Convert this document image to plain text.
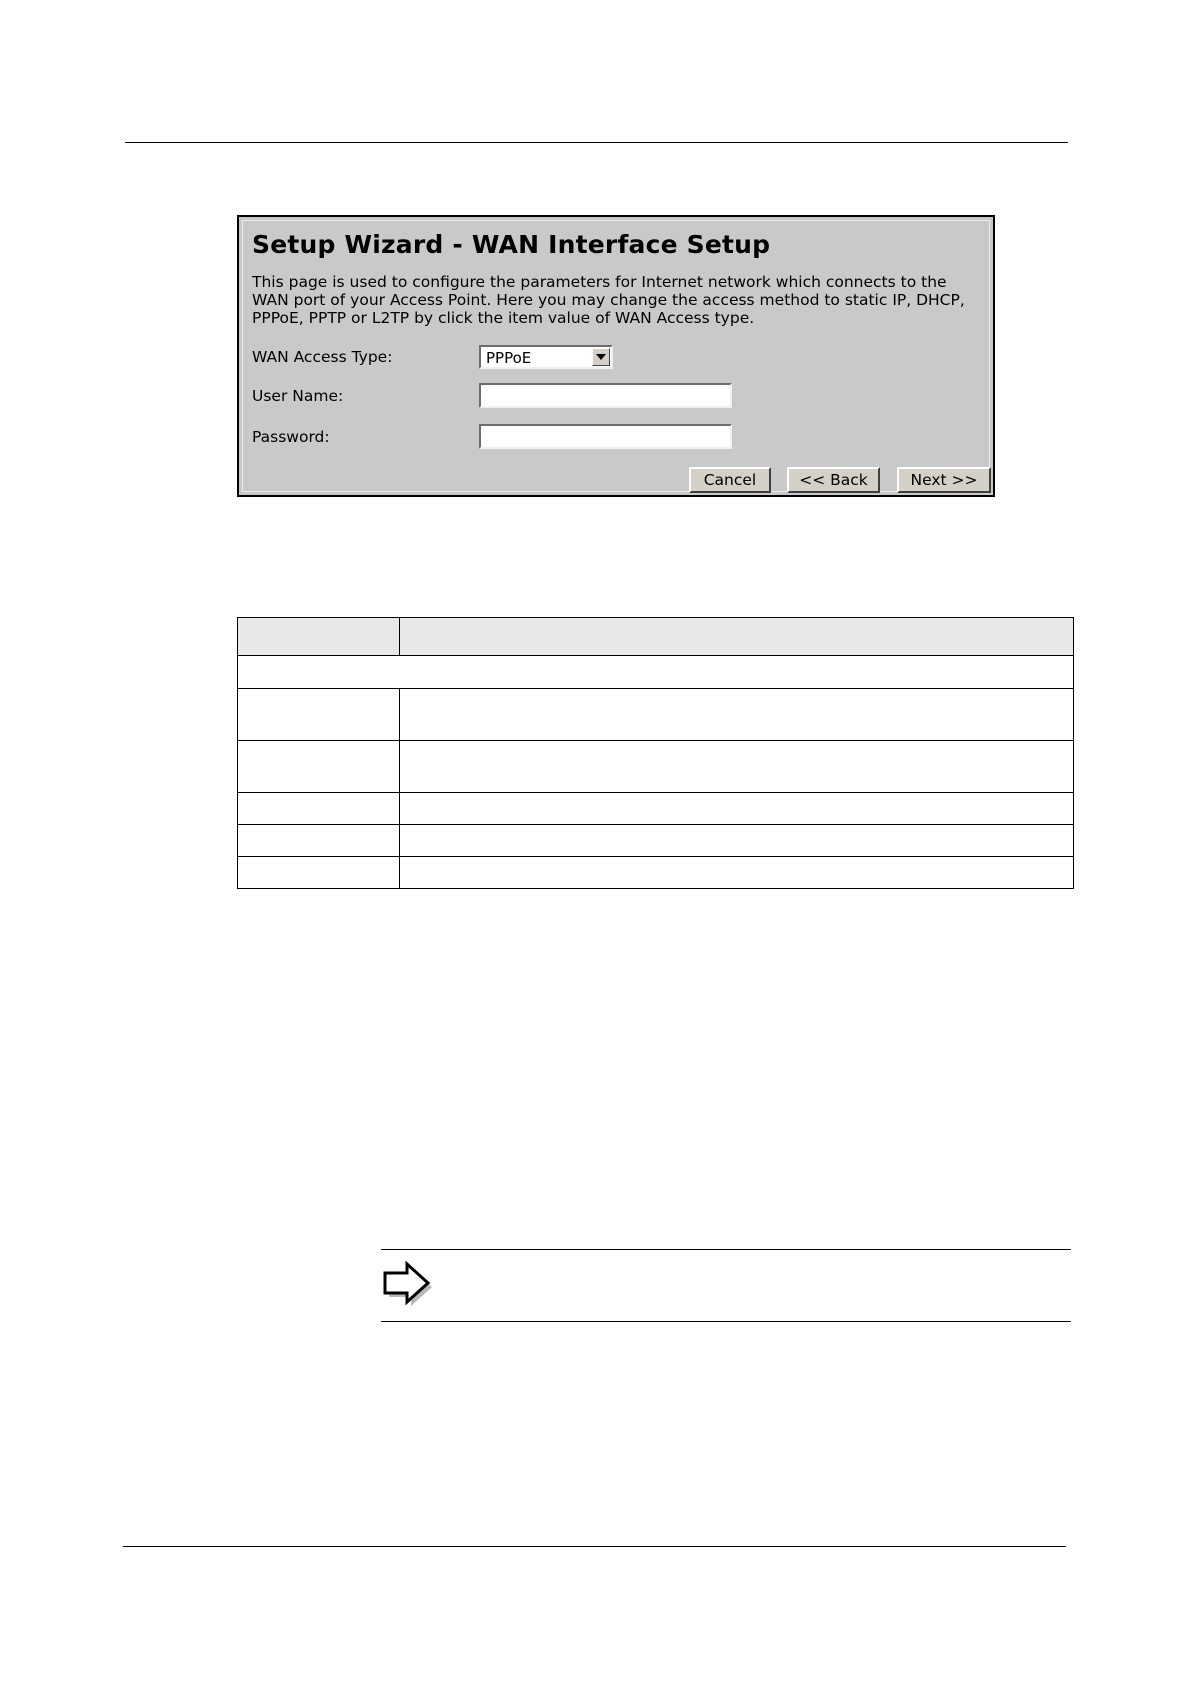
Setup Wizard - WAN Interface Setup
This page is used to configure the parameters for Internet network which connects to the WAN port of your Access Point. Here you may change the access method to static IP, DHCP, PPPoE, PPTP or L2TP by click the item value of WAN Access type.
WAN Access Type:	PPPoE
User Name:
Password:
Cancel	<< Back	Next >>
